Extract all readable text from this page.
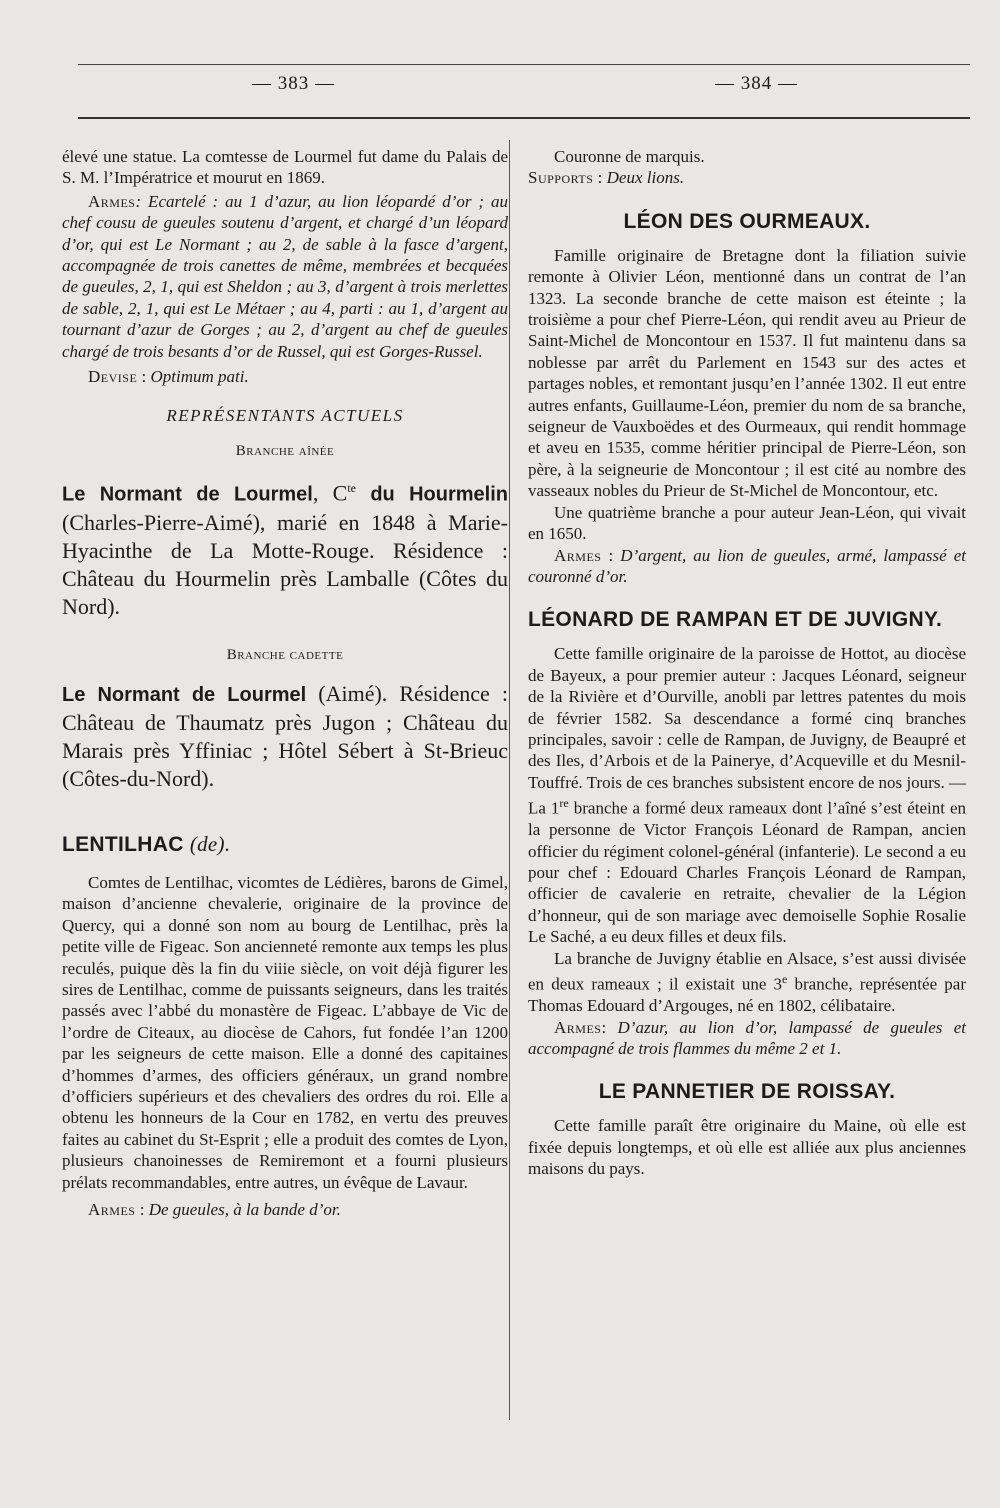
— 383 —	— 384 —

élevé une statue. La comtesse de Lourmel fut dame du Palais de S. M. l’Impératrice et mourut en 1869.

Armes: Ecartelé : au 1 d’azur, au lion léopardé d’or ; au chef cousu de gueules soutenu d’argent, et chargé d’un léopard d’or, qui est Le Normant ; au 2, de sable à la fasce d’argent, accompagnée de trois canettes de même, membrées et becquées de gueules, 2, 1, qui est Sheldon ; au 3, d’argent à trois merlettes de sable, 2, 1, qui est Le Métaer ; au 4, parti : au 1, d’argent au tournant d’azur de Gorges ; au 2, d’argent au chef de gueules chargé de trois besants d’or de Russel, qui est Gorges-Russel.

Devise : Optimum pati.

REPRÉSENTANTS ACTUELS

Branche aînée

Le Normant de Lourmel, $C^{te}$ du Hourmelin (Charles-Pierre-Aimé), marié en 1848 à Marie-Hyacinthe de La Motte-Rouge. Résidence : Château du Hourmelin près Lamballe (Côtes du Nord).

Branche cadette

Le Normant de Lourmel (Aimé). Résidence : Château de Thaumatz près Jugon ; Château du Marais près Yffiniac ; Hôtel Sébert à St-Brieuc (Côtes-du-Nord).

LENTILHAC (de).

Comtes de Lentilhac, vicomtes de Lédières, barons de Gimel, maison d’ancienne chevalerie, originaire de la province de Quercy, qui a donné son nom au bourg de Lentilhac, près la petite ville de Figeac. Son ancienneté remonte aux temps les plus reculés, puique dès la fin du viiie siècle, on voit déjà figurer les sires de Lentilhac, comme de puissants seigneurs, dans les traités passés avec l’abbé du monastère de Figeac. L’abbaye de Vic de l’ordre de Citeaux, au diocèse de Cahors, fut fondée l’an 1200 par les seigneurs de cette maison. Elle a donné des capitaines d’hommes d’armes, des officiers généraux, un grand nombre d’officiers supérieurs et des chevaliers des ordres du roi. Elle a obtenu les honneurs de la Cour en 1782, en vertu des preuves faites au cabinet du St-Esprit ; elle a produit des comtes de Lyon, plusieurs chanoinesses de Remiremont et a fourni plusieurs prélats recommandables, entre autres, un évêque de Lavaur.

Armes : De gueules, à la bande d’or.

Couronne de marquis.

Supports : Deux lions.

LÉON DES OURMEAUX.

Famille originaire de Bretagne dont la filiation suivie remonte à Olivier Léon, mentionné dans un contrat de l’an 1323. La seconde branche de cette maison est éteinte ; la troisième a pour chef Pierre-Léon, qui rendit aveu au Prieur de Saint-Michel de Moncontour en 1537. Il fut maintenu dans sa noblesse par arrêt du Parlement en 1543 sur des actes et partages nobles, et remontant jusqu’en l’année 1302. Il eut entre autres enfants, Guillaume-Léon, premier du nom de sa branche, seigneur de Vauxboëdes et des Ourmeaux, qui rendit hommage et aveu en 1535, comme héritier principal de Pierre-Léon, son père, à la seigneurie de Moncontour ; il est cité au nombre des vasseaux nobles du Prieur de St-Michel de Moncontour, etc.

Une quatrième branche a pour auteur Jean-Léon, qui vivait en 1650.

Armes : D’argent, au lion de gueules, armé, lampassé et couronné d’or.

LÉONARD DE RAMPAN ET DE JUVIGNY.

Cette famille originaire de la paroisse de Hottot, au diocèse de Bayeux, a pour premier auteur : Jacques Léonard, seigneur de la Rivière et d’Ourville, anobli par lettres patentes du mois de février 1582. Sa descendance a formé cinq branches principales, savoir : celle de Rampan, de Juvigny, de Beaupré et des Iles, d’Arbois et de la Painerye, d’Acqueville et du Mesnil-Touffré. Trois de ces branches subsistent encore de nos jours. — La 1re branche a formé deux rameaux dont l’aîné s’est éteint en la personne de Victor François Léonard de Rampan, ancien officier du régiment colonel-général (infanterie). Le second a eu pour chef : Edouard Charles François Léonard de Rampan, officier de cavalerie en retraite, chevalier de la Légion d’honneur, qui de son mariage avec demoiselle Sophie Rosalie Le Saché, a eu deux filles et deux fils.

La branche de Juvigny établie en Alsace, s’est aussi divisée en deux rameaux ; il existait une 3e branche, représentée par Thomas Edouard d’Argouges, né en 1802, célibataire.

Armes: D’azur, au lion d’or, lampassé de gueules et accompagné de trois flammes du même 2 et 1.

LE PANNETIER DE ROISSAY.

Cette famille paraît être originaire du Maine, où elle est fixée depuis longtemps, et où elle est alliée aux plus anciennes maisons du pays.
